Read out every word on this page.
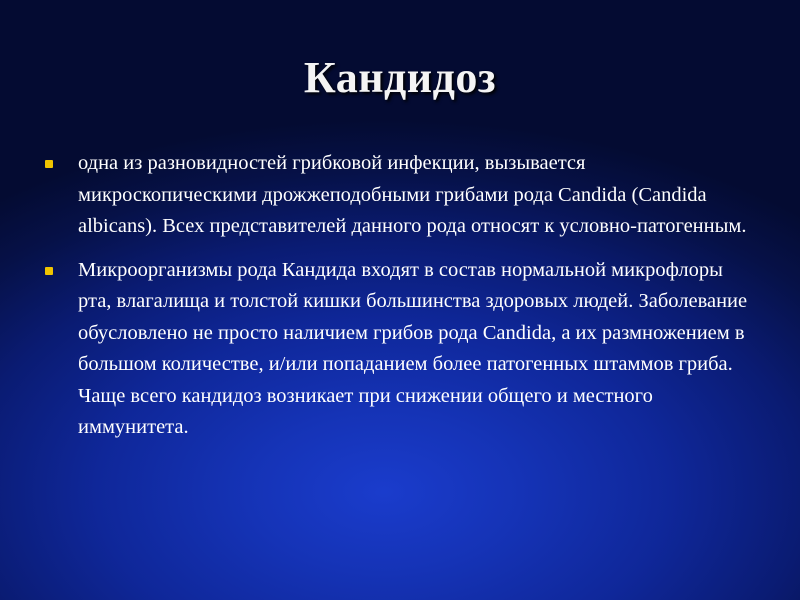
Кандидоз
одна из разновидностей грибковой инфекции, вызывается микроскопическими дрожжеподобными грибами рода Candida (Candida albicans). Всех представителей данного рода относят к условно-патогенным.
Микроорганизмы рода Кандида входят в состав нормальной микрофлоры рта, влагалища и толстой кишки большинства здоровых людей. Заболевание обусловлено не просто наличием грибов рода Candida, а их размножением в большом количестве, и/или попаданием более патогенных штаммов гриба. Чаще всего кандидоз возникает при снижении общего и местного иммунитета.
